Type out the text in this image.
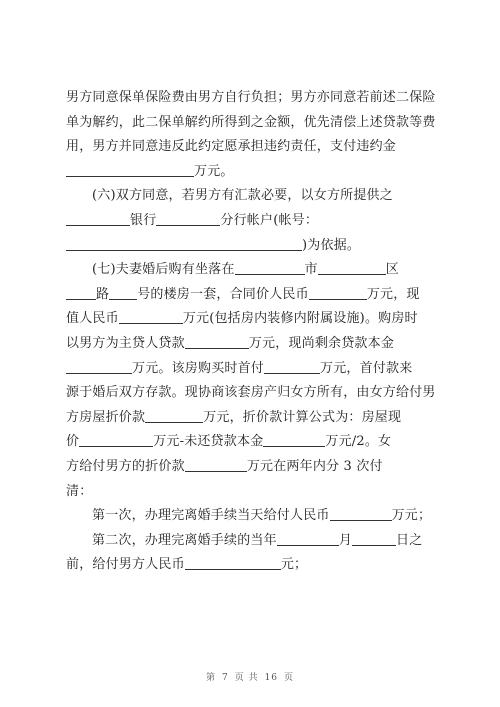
男方同意保单保险费由男方自行负担；男方亦同意若前述二保险
单为解约，此二保单解约所得到之金额，优先清偿上述贷款等费
用，男方并同意违反此约定愿承担违约责任，支付违约金
万元。
(六)双方同意，若男方有汇款必要，以女方所提供之
银行	分行帐户(帐号：
)为依据。
(七)夫妻婚后购有坐落在	市	区
路 号的楼房一套，合同价人民币	万元，现
值人民币	万元(包括房内装修内附属设施)。购房时
以男方为主贷人贷款	万元，现尚剩余贷款本金
万元。该房购买时首付	万元，首付款来
源于婚后双方存款。现协商该套房产归女方所有，由女方给付男
方房屋折价款	万元，折价款计算公式为：房屋现
价	万元-未还贷款本金	万元/2。女
方给付男方的折价款	万元在两年内分 3 次付
清：
第一次，办理完离婚手续当天给付人民币	万元；
第二次，办理完离婚手续的当年	月	日之
前，给付男方人民币	元；
第 7 页 共 16 页
